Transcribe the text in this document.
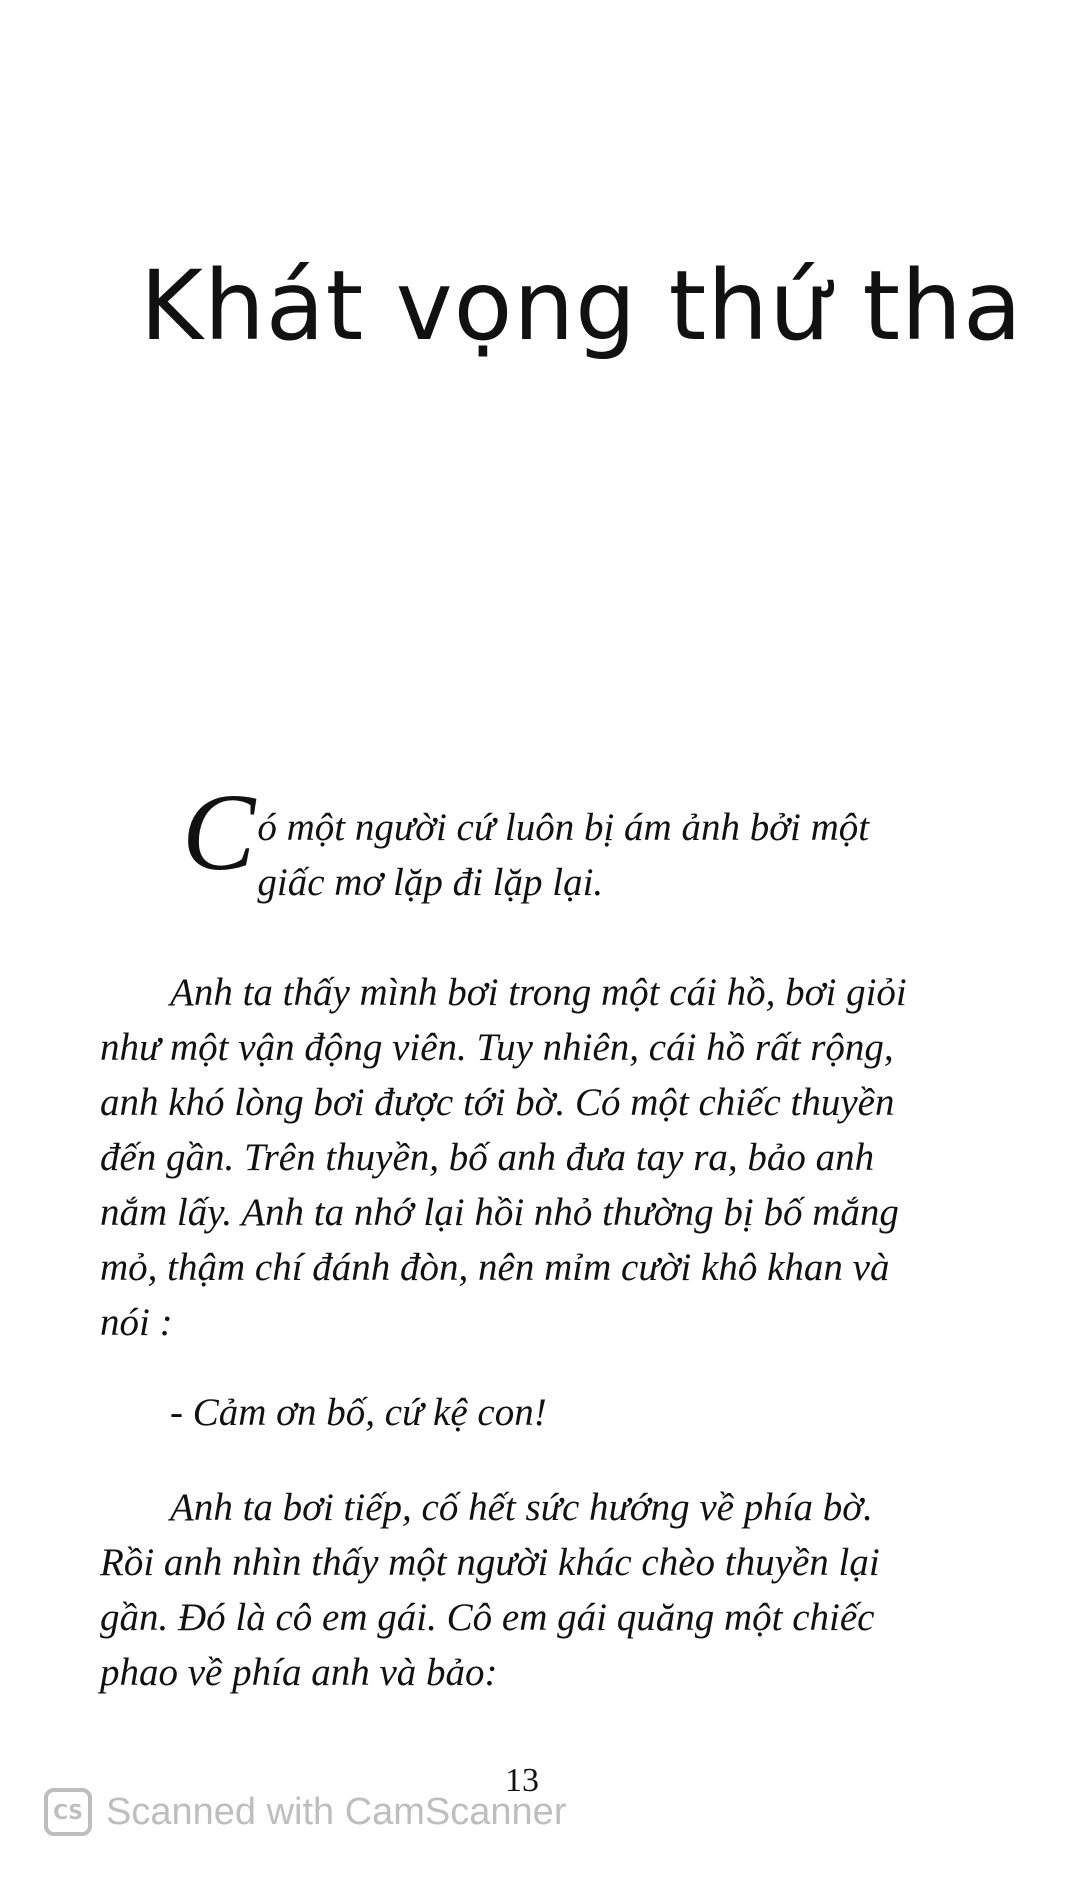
Khát vọng thứ tha

Có một người cứ luôn bị ám ảnh bởi một giấc mơ lặp đi lặp lại.

Anh ta thấy mình bơi trong một cái hồ, bơi giỏi như một vận động viên. Tuy nhiên, cái hồ rất rộng, anh khó lòng bơi được tới bờ. Có một chiếc thuyền đến gần. Trên thuyền, bố anh đưa tay ra, bảo anh nắm lấy. Anh ta nhớ lại hồi nhỏ thường bị bố mắng mỏ, thậm chí đánh đòn, nên mỉm cười khô khan và nói :

- Cảm ơn bố, cứ kệ con!

Anh ta bơi tiếp, cố hết sức hướng về phía bờ. Rồi anh nhìn thấy một người khác chèo thuyền lại gần. Đó là cô em gái. Cô em gái quăng một chiếc phao về phía anh và bảo:

13
CS Scanned with CamScanner
